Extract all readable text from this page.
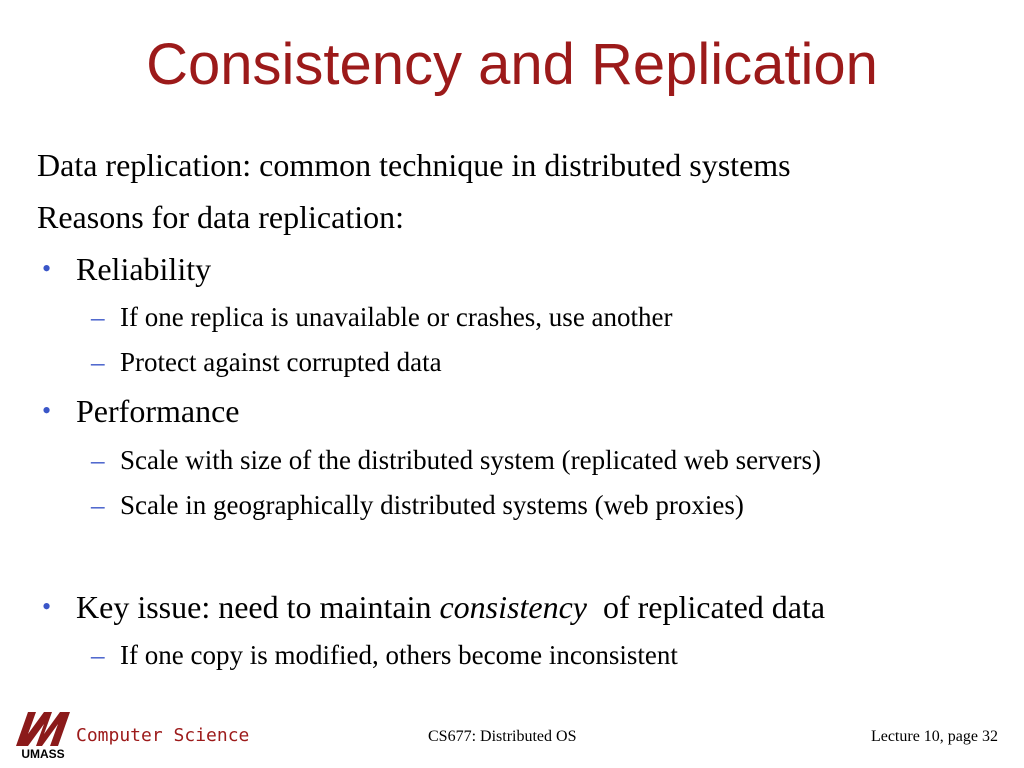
Consistency and Replication
Data replication: common technique in distributed systems
Reasons for data replication:
• Reliability
– If one replica is unavailable or crashes, use another
– Protect against corrupted data
• Performance
– Scale with size of the distributed system (replicated web servers)
– Scale in geographically distributed systems (web proxies)
• Key issue: need to maintain consistency  of replicated data
– If one copy is modified, others become inconsistent
UMASS
Computer Science	CS677: Distributed OS	Lecture 10, page 32
